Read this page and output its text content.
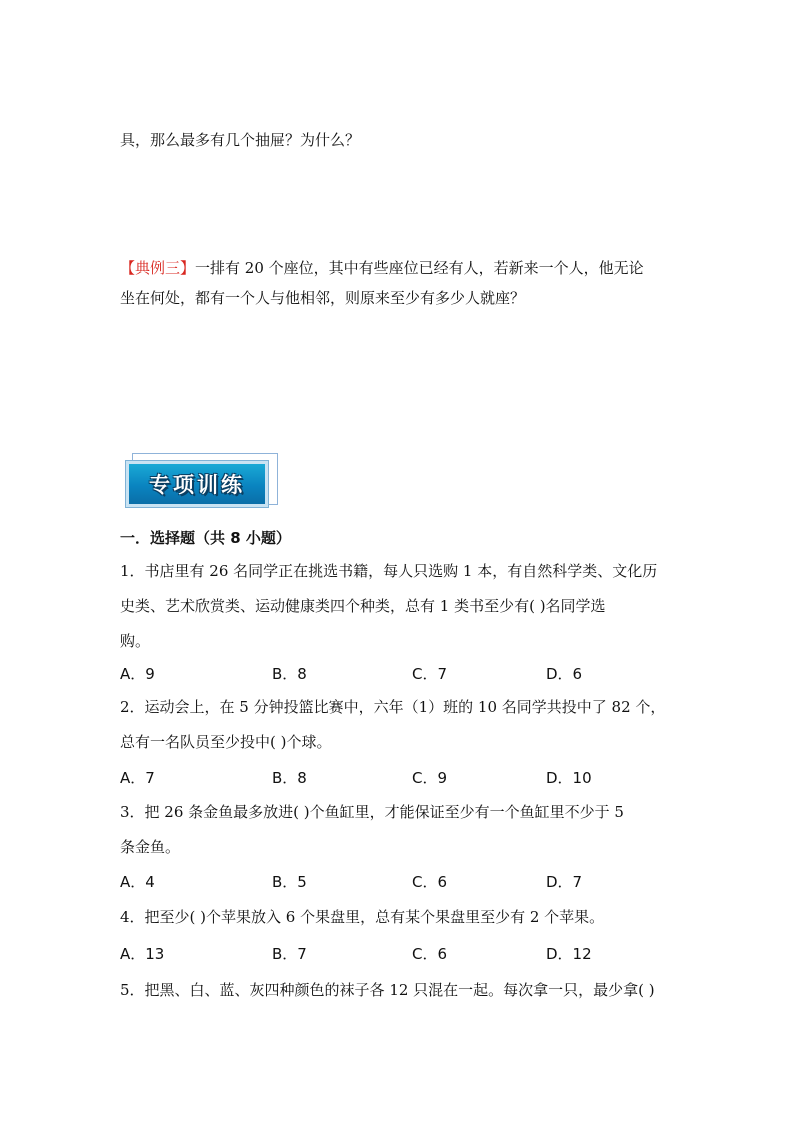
具，那么最多有几个抽屉？为什么？
【典例三】一排有 20 个座位，其中有些座位已经有人，若新来一个人，他无论
坐在何处，都有一个人与他相邻，则原来至少有多少人就座？
专项训练
一．选择题（共 8 小题）
1．书店里有 26 名同学正在挑选书籍，每人只选购 1 本，有自然科学类、文化历
史类、艺术欣赏类、运动健康类四个种类，总有 1 类书至少有( )名同学选
购。
A．9	B．8	C．7	D．6
2．运动会上，在 5 分钟投篮比赛中，六年（1）班的 10 名同学共投中了 82 个，
总有一名队员至少投中( )个球。
A．7	B．8	C．9	D．10
3．把 26 条金鱼最多放进( )个鱼缸里，才能保证至少有一个鱼缸里不少于 5
条金鱼。
A．4	B．5	C．6	D．7
4．把至少( )个苹果放入 6 个果盘里，总有某个果盘里至少有 2 个苹果。
A．13	B．7	C．6	D．12
5．把黑、白、蓝、灰四种颜色的袜子各 12 只混在一起。每次拿一只，最少拿( )
